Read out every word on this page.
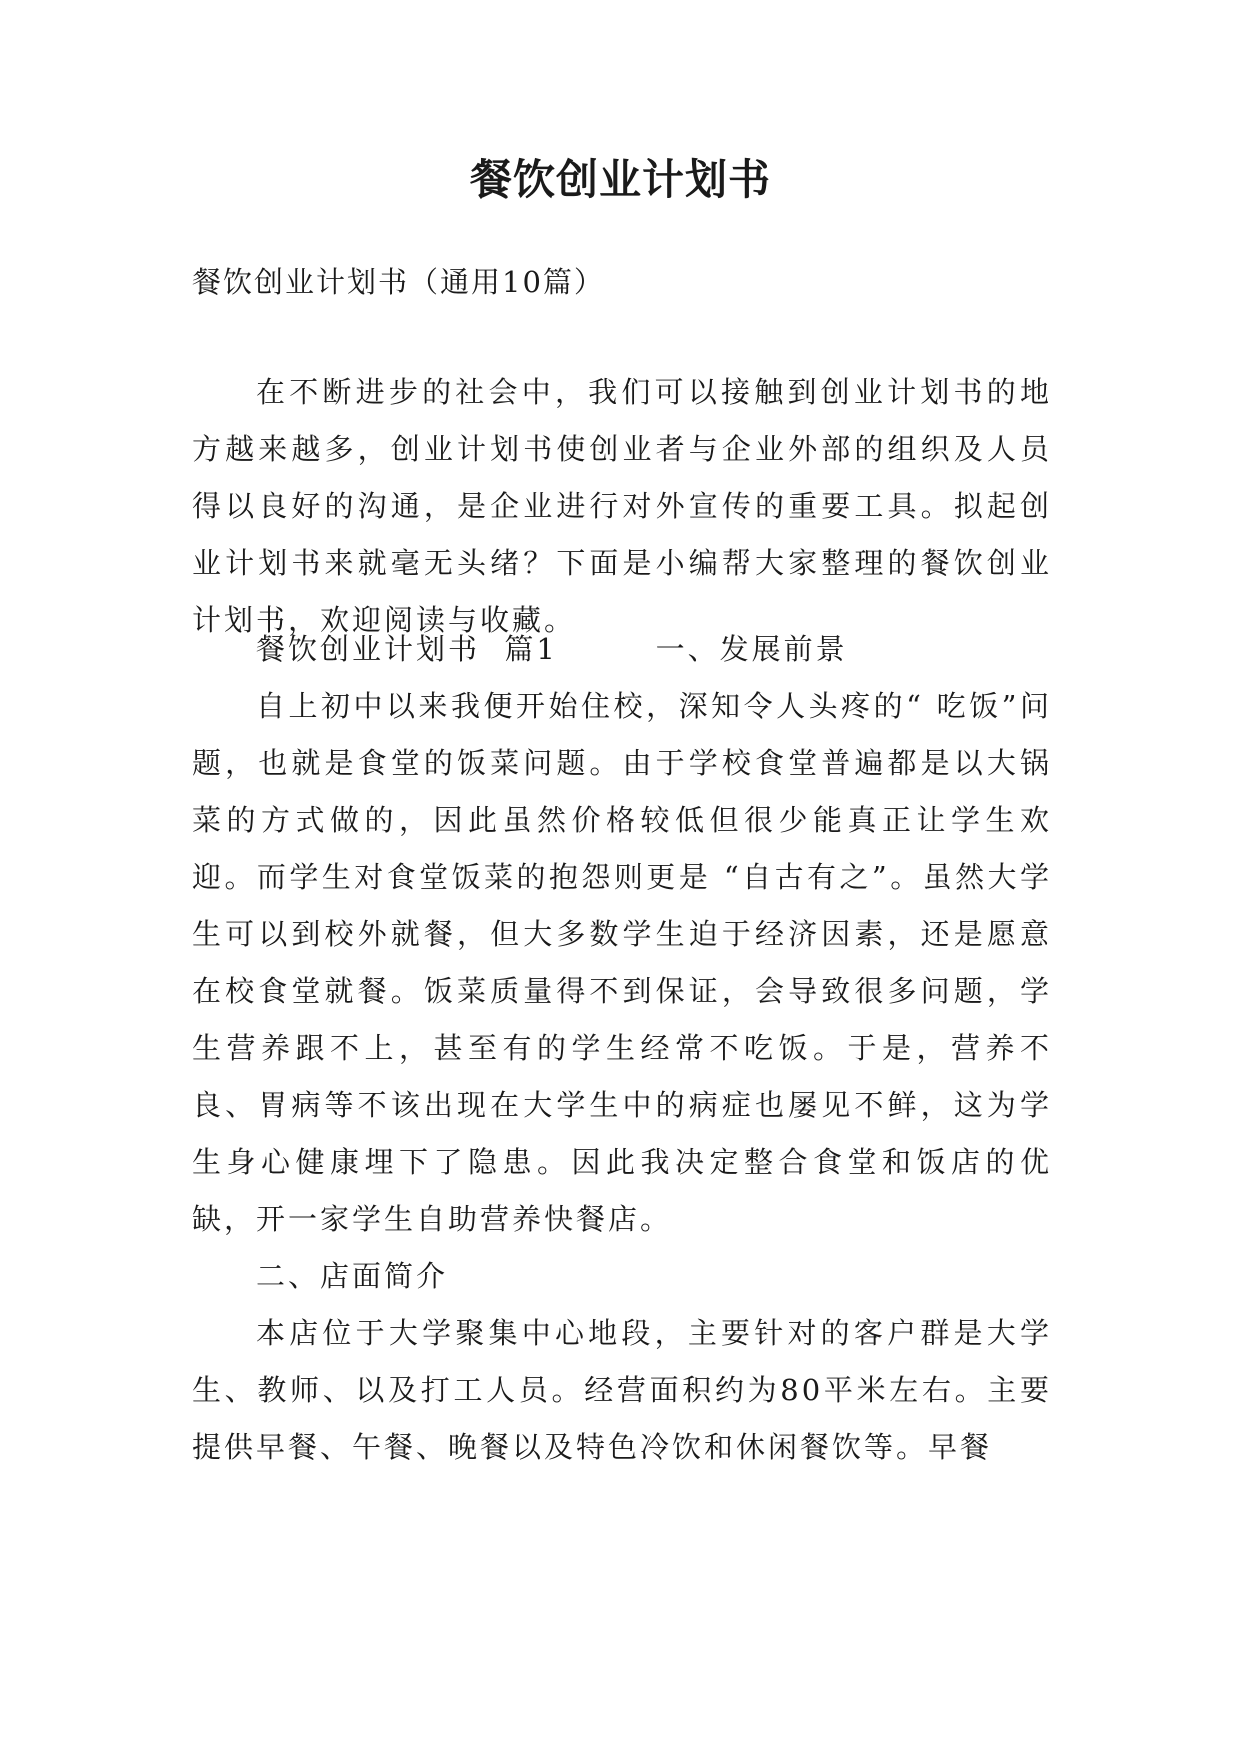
餐饮创业计划书

餐饮创业计划书（通用10篇）

在不断进步的社会中，我们可以接触到创业计划书的地方越来越多，创业计划书使创业者与企业外部的组织及人员得以良好的沟通，是企业进行对外宣传的重要工具。拟起创业计划书来就毫无头绪？下面是小编帮大家整理的餐饮创业计划书，欢迎阅读与收藏。

餐饮创业计划书  篇1        一、发展前景

自上初中以来我便开始住校，深知令人头疼的“ 吃饭”问题，也就是食堂的饭菜问题。由于学校食堂普遍都是以大锅菜的方式做的，因此虽然价格较低但很少能真正让学生欢迎。而学生对食堂饭菜的抱怨则更是 “自古有之”。虽然大学生可以到校外就餐，但大多数学生迫于经济因素，还是愿意在校食堂就餐。饭菜质量得不到保证，会导致很多问题，学生营养跟不上，甚至有的学生经常不吃饭。于是，营养不良、胃病等不该出现在大学生中的病症也屡见不鲜，这为学生身心健康埋下了隐患。因此我决定整合食堂和饭店的优缺，开一家学生自助营养快餐店。

二、店面简介

本店位于大学聚集中心地段，主要针对的客户群是大学生、教师、以及打工人员。经营面积约为80平米左右。主要提供早餐、午餐、晚餐以及特色冷饮和休闲餐饮等。早餐
